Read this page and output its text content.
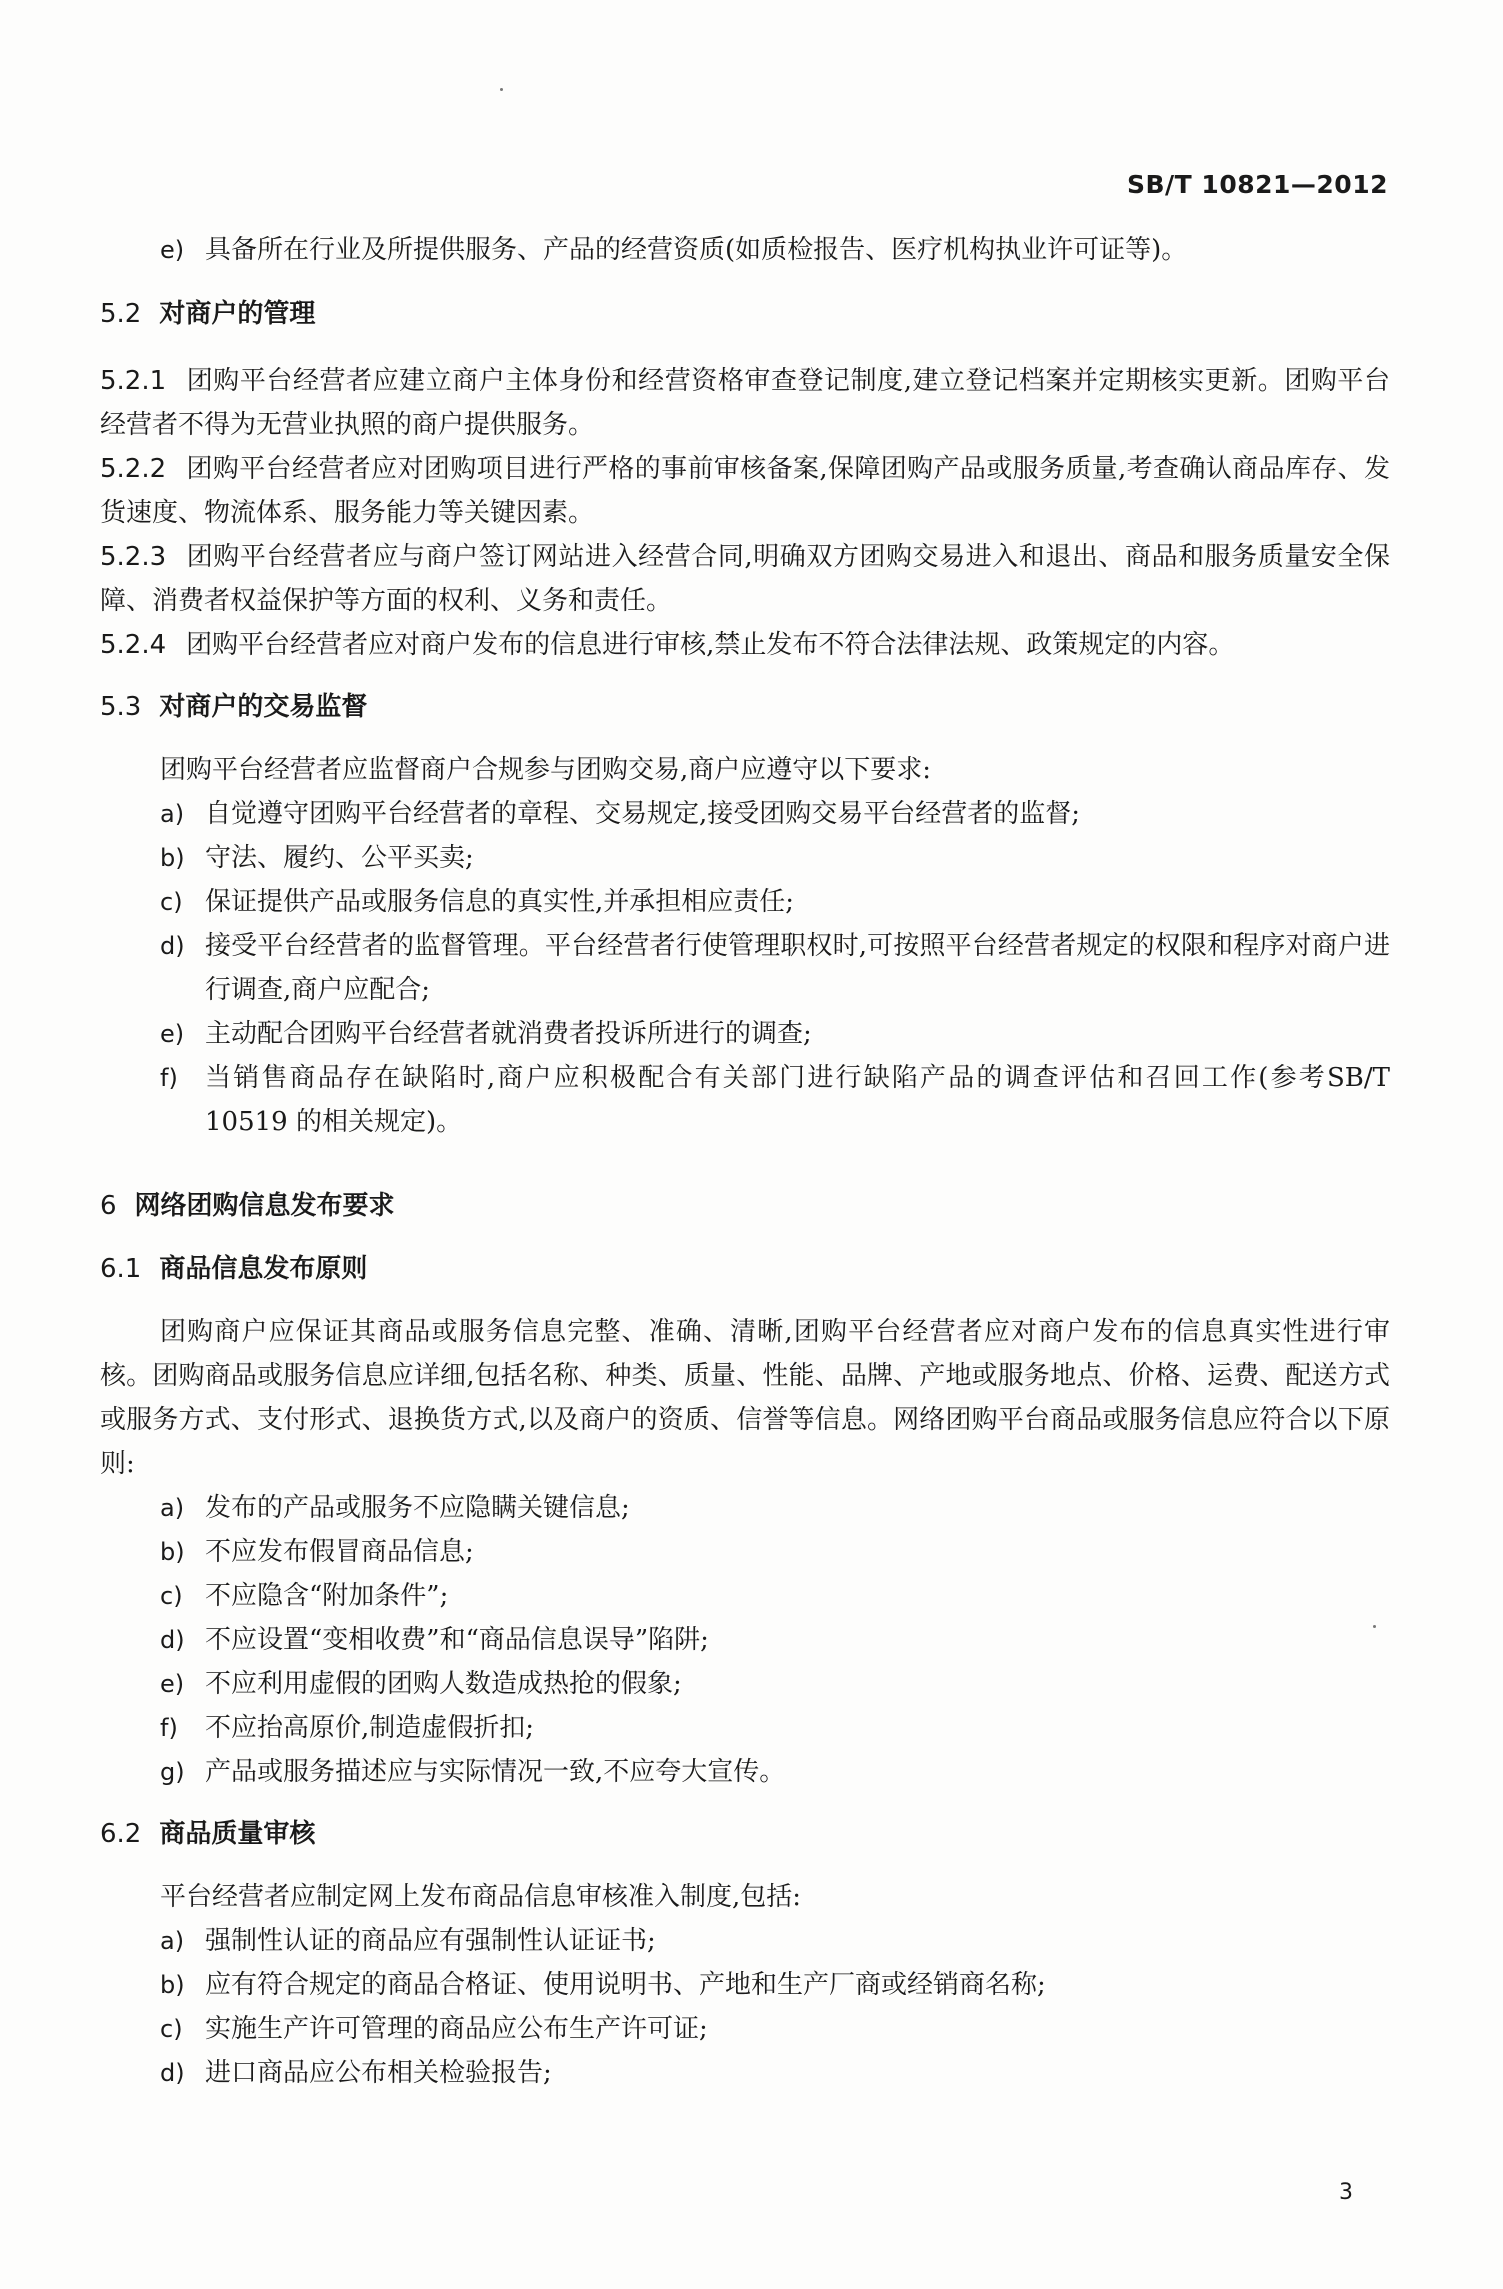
SB/T 10821—2012
e) 具备所在行业及所提供服务、产品的经营资质(如质检报告、医疗机构执业许可证等)。
5.2 对商户的管理

5.2.1 团购平台经营者应建立商户主体身份和经营资格审查登记制度,建立登记档案并定期核实更新。团购平台经营者不得为无营业执照的商户提供服务。

5.2.2 团购平台经营者应对团购项目进行严格的事前审核备案,保障团购产品或服务质量,考查确认商品库存、发货速度、物流体系、服务能力等关键因素。

5.2.3 团购平台经营者应与商户签订网站进入经营合同,明确双方团购交易进入和退出、商品和服务质量安全保障、消费者权益保护等方面的权利、义务和责任。

5.2.4 团购平台经营者应对商户发布的信息进行审核,禁止发布不符合法律法规、政策规定的内容。

5.3 对商户的交易监督

团购平台经营者应监督商户合规参与团购交易,商户应遵守以下要求:

a) 自觉遵守团购平台经营者的章程、交易规定,接受团购交易平台经营者的监督;
b) 守法、履约、公平买卖;
c) 保证提供产品或服务信息的真实性,并承担相应责任;
d) 接受平台经营者的监督管理。平台经营者行使管理职权时,可按照平台经营者规定的权限和程序对商户进行调查,商户应配合;
e) 主动配合团购平台经营者就消费者投诉所进行的调查;
f) 当销售商品存在缺陷时,商户应积极配合有关部门进行缺陷产品的调查评估和召回工作(参考SB/T 10519 的相关规定)。
6 网络团购信息发布要求
6.1 商品信息发布原则

团购商户应保证其商品或服务信息完整、准确、清晰,团购平台经营者应对商户发布的信息真实性进行审核。团购商品或服务信息应详细,包括名称、种类、质量、性能、品牌、产地或服务地点、价格、运费、配送方式或服务方式、支付形式、退换货方式,以及商户的资质、信誉等信息。网络团购平台商品或服务信息应符合以下原则:

a) 发布的产品或服务不应隐瞒关键信息;
b) 不应发布假冒商品信息;
c) 不应隐含“附加条件”;
d) 不应设置“变相收费”和“商品信息误导”陷阱;
e) 不应利用虚假的团购人数造成热抢的假象;
f) 不应抬高原价,制造虚假折扣;
g) 产品或服务描述应与实际情况一致,不应夸大宣传。
6.2 商品质量审核

平台经营者应制定网上发布商品信息审核准入制度,包括:

a) 强制性认证的商品应有强制性认证证书;
b) 应有符合规定的商品合格证、使用说明书、产地和生产厂商或经销商名称;
c) 实施生产许可管理的商品应公布生产许可证;
d) 进口商品应公布相关检验报告;
3
